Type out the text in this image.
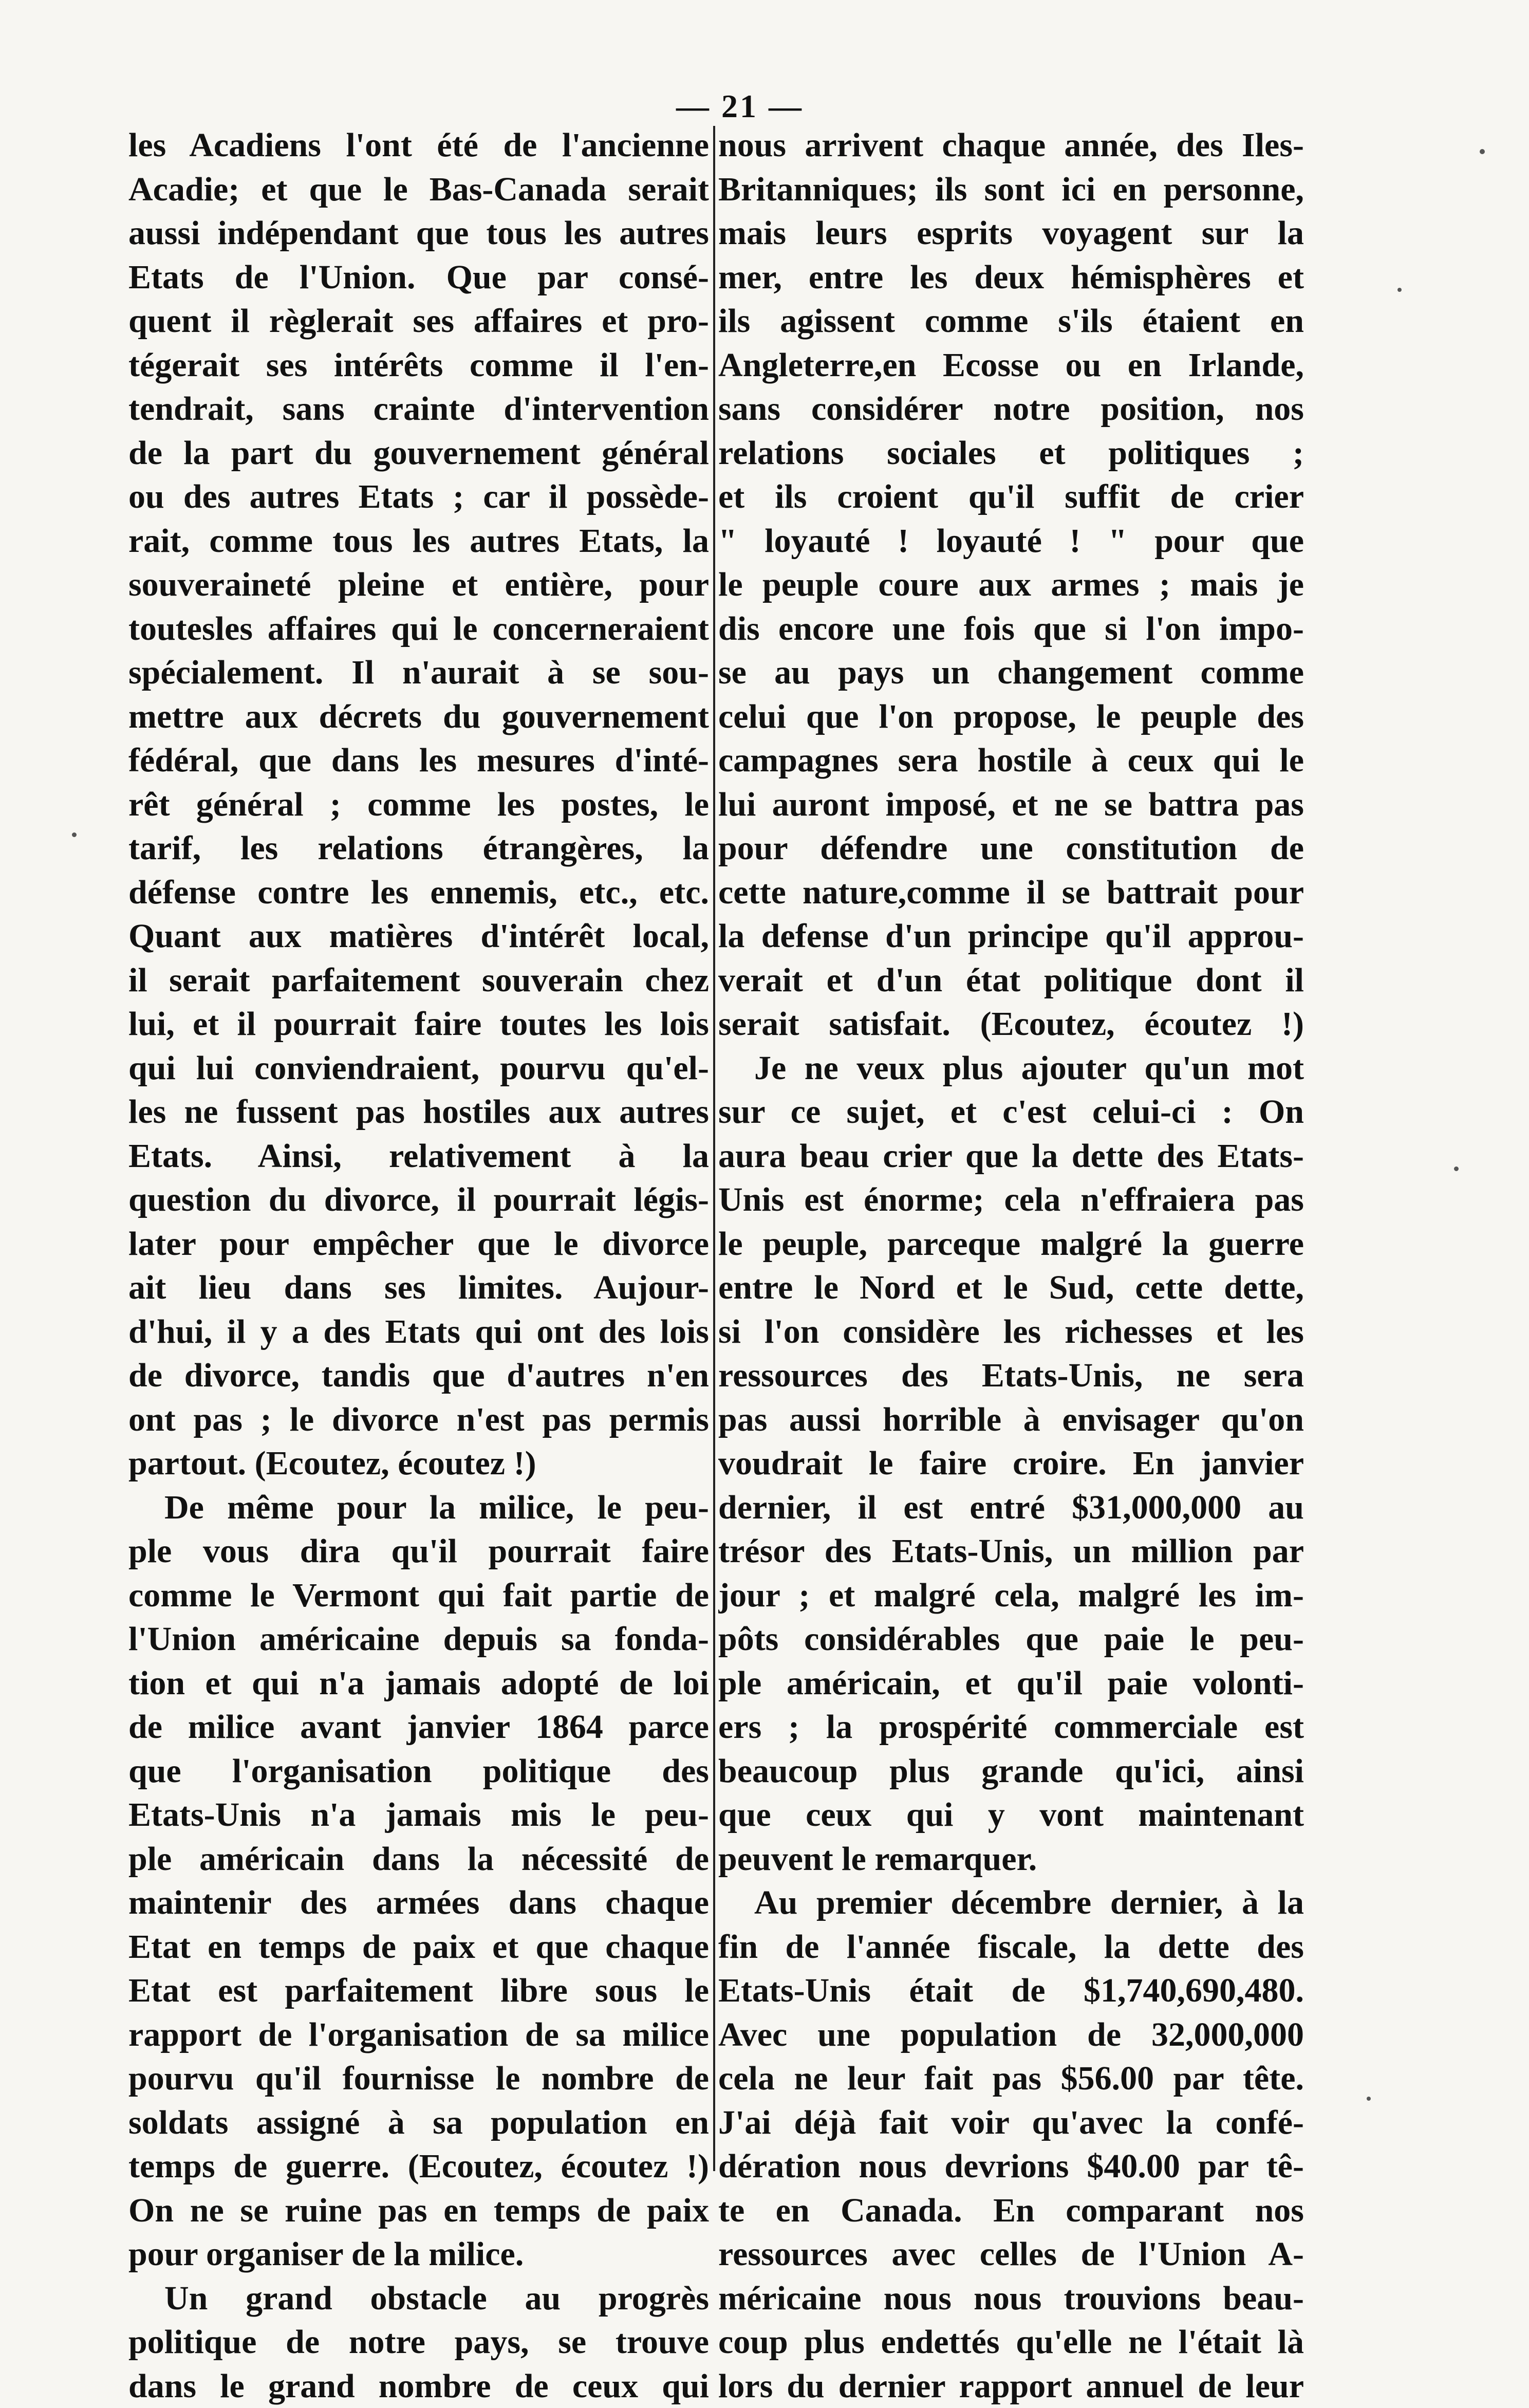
— 21 —
les Acadiens l'ont été de l'ancienne
Acadie; et que le Bas-Canada serait
aussi indépendant que tous les autres
Etats de l'Union. Que par consé-
quent il règlerait ses affaires et pro-
tégerait ses intérêts comme il l'en-
tendrait, sans crainte d'intervention
de la part du gouvernement général
ou des autres Etats ; car il possède-
rait, comme tous les autres Etats, la
souveraineté pleine et entière, pour
toutesles affaires qui le concerneraient
spécialement. Il n'aurait à se sou-
mettre aux décrets du gouvernement
fédéral, que dans les mesures d'inté-
rêt général ; comme les postes, le
tarif, les relations étrangères, la
défense contre les ennemis, etc., etc.
Quant aux matières d'intérêt local,
il serait parfaitement souverain chez
lui, et il pourrait faire toutes les lois
qui lui conviendraient, pourvu qu'el-
les ne fussent pas hostiles aux autres
Etats. Ainsi, relativement à la
question du divorce, il pourrait légis-
later pour empêcher que le divorce
ait lieu dans ses limites. Aujour-
d'hui, il y a des Etats qui ont des lois
de divorce, tandis que d'autres n'en
ont pas ; le divorce n'est pas permis
partout. (Ecoutez, écoutez !)
De même pour la milice, le peu-
ple vous dira qu'il pourrait faire
comme le Vermont qui fait partie de
l'Union américaine depuis sa fonda-
tion et qui n'a jamais adopté de loi
de milice avant janvier 1864 parce
que l'organisation politique des
Etats-Unis n'a jamais mis le peu-
ple américain dans la nécessité de
maintenir des armées dans chaque
Etat en temps de paix et que chaque
Etat est parfaitement libre sous le
rapport de l'organisation de sa milice
pourvu qu'il fournisse le nombre de
soldats assigné à sa population en
temps de guerre. (Ecoutez, écoutez !)
On ne se ruine pas en temps de paix
pour organiser de la milice.
Un grand obstacle au progrès
politique de notre pays, se trouve
dans le grand nombre de ceux qui
nous arrivent chaque année, des Iles-
Britanniques; ils sont ici en personne,
mais leurs esprits voyagent sur la
mer, entre les deux hémisphères et
ils agissent comme s'ils étaient en
Angleterre,en Ecosse ou en Irlande,
sans considérer notre position, nos
relations sociales et politiques ;
et ils croient qu'il suffit de crier
" loyauté ! loyauté ! " pour que
le peuple coure aux armes ; mais je
dis encore une fois que si l'on impo-
se au pays un changement comme
celui que l'on propose, le peuple des
campagnes sera hostile à ceux qui le
lui auront imposé, et ne se battra pas
pour défendre une constitution de
cette nature,comme il se battrait pour
la defense d'un principe qu'il approu-
verait et d'un état politique dont il
serait satisfait. (Ecoutez, écoutez !)
Je ne veux plus ajouter qu'un mot
sur ce sujet, et c'est celui-ci : On
aura beau crier que la dette des Etats-
Unis est énorme; cela n'effraiera pas
le peuple, parceque malgré la guerre
entre le Nord et le Sud, cette dette,
si l'on considère les richesses et les
ressources des Etats-Unis, ne sera
pas aussi horrible à envisager qu'on
voudrait le faire croire. En janvier
dernier, il est entré $31,000,000 au
trésor des Etats-Unis, un million par
jour ; et malgré cela, malgré les im-
pôts considérables que paie le peu-
ple américain, et qu'il paie volonti-
ers ; la prospérité commerciale est
beaucoup plus grande qu'ici, ainsi
que ceux qui y vont maintenant
peuvent le remarquer.
Au premier décembre dernier, à la
fin de l'année fiscale, la dette des
Etats-Unis était de $1,740,690,480.
Avec une population de 32,000,000
cela ne leur fait pas $56.00 par tête.
J'ai déjà fait voir qu'avec la confé-
dération nous devrions $40.00 par tê-
te en Canada. En comparant nos
ressources avec celles de l'Union A-
méricaine nous nous trouvions beau-
coup plus endettés qu'elle ne l'était là
lors du dernier rapport annuel de leur
